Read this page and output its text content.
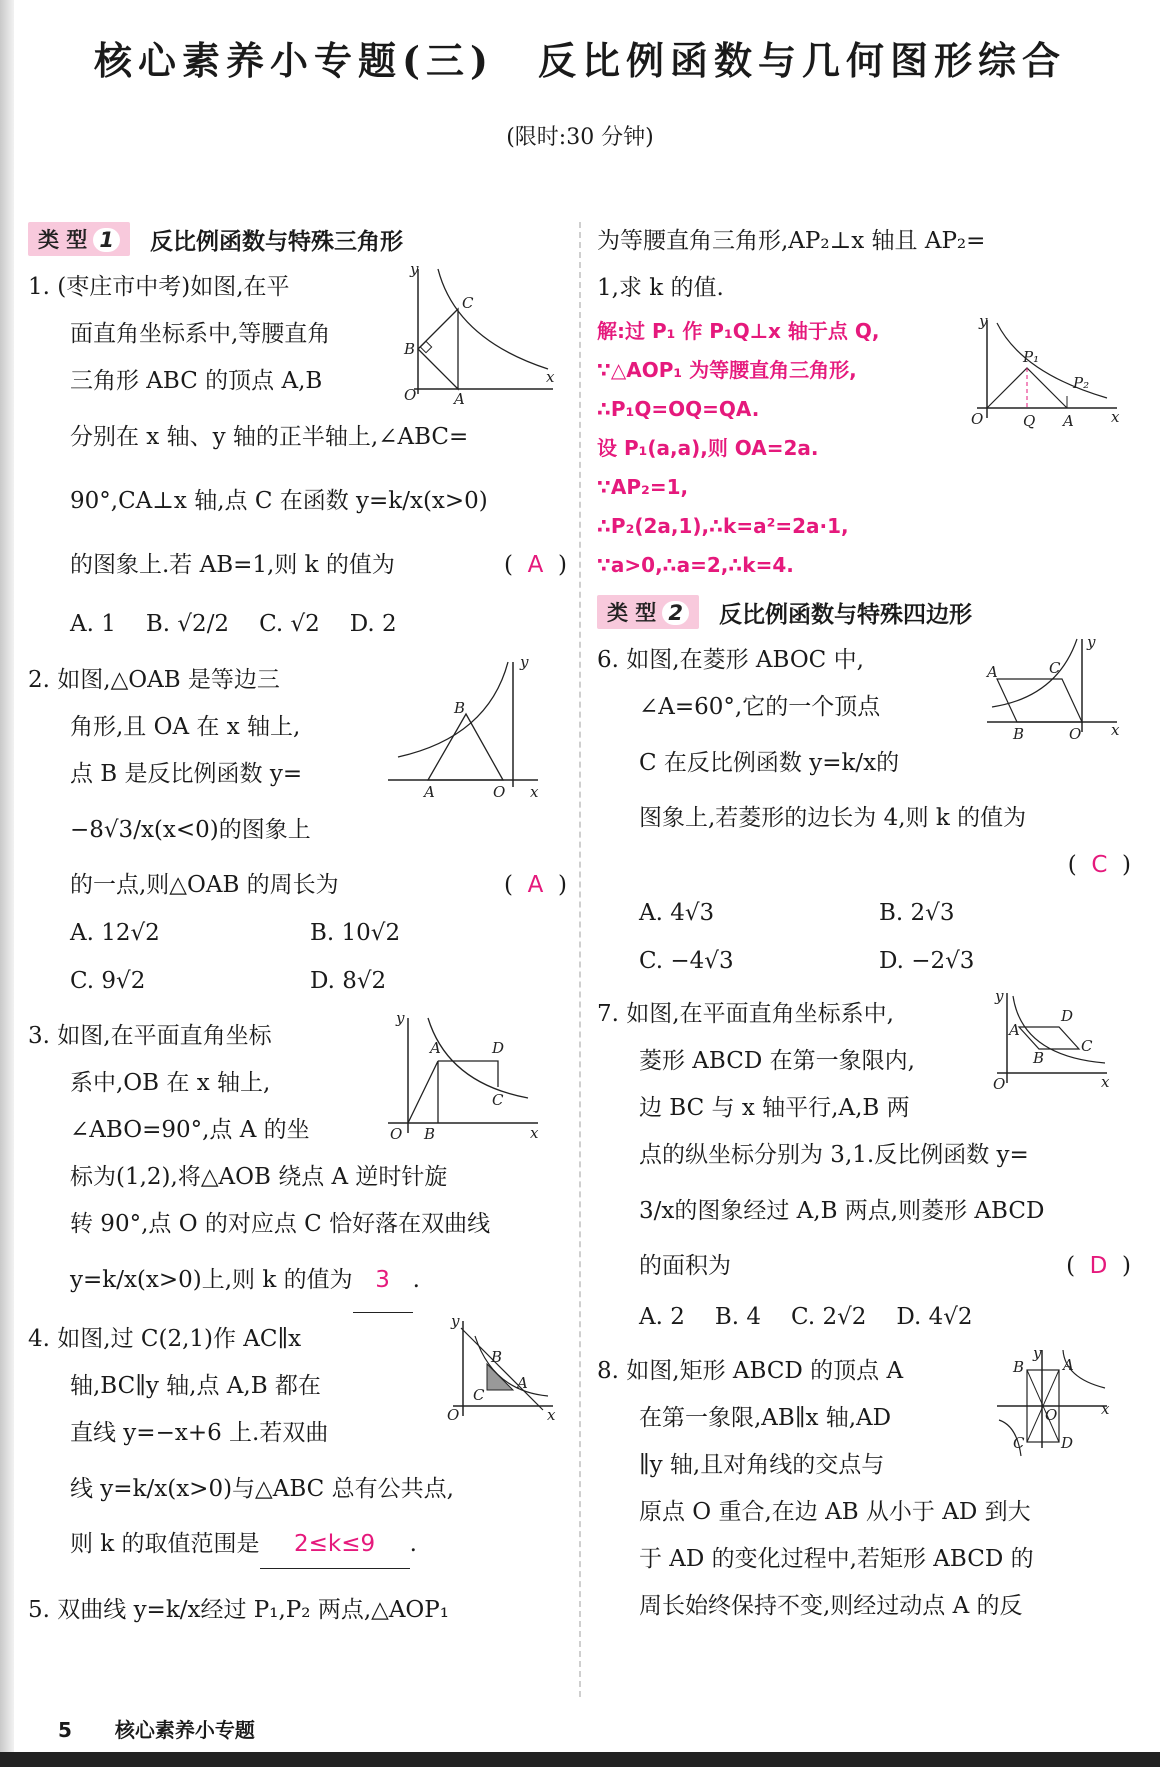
核心素养小专题(三)　反比例函数与几何图形综合
(限时:30 分钟)
类 型 1	反比例函数与特殊三角形
y
x
O
B
A
C
1. (枣庄市中考)如图,在平
面直角坐标系中,等腰直角
三角形 ABC 的顶点 A,B
分别在 x 轴、y 轴的正半轴上,∠ABC=
90°,CA⊥x 轴,点 C 在函数 y=k/x(x>0)
的图象上.若 AB=1,则 k 的值为	( A )
A. 1 B. √2/2 C. √2 D. 2
y
x
O
B
A
2. 如图,△OAB 是等边三
角形,且 OA 在 x 轴上,
点 B 是反比例函数 y=
−8√3/x(x<0)的图象上
的一点,则△OAB 的周长为	( A )
A. 12√2	B. 10√2
C. 9√2	D. 8√2
y
x
O B
A	D
C
3. 如图,在平面直角坐标
系中,OB 在 x 轴上,
∠ABO=90°,点 A 的坐
标为(1,2),将△AOB 绕点 A 逆时针旋
转 90°,点 O 的对应点 C 恰好落在双曲线
y=k/x(x>0)上,则 k 的值为 3 .
y
x
O
B
C
A
4. 如图,过 C(2,1)作 AC∥x
轴,BC∥y 轴,点 A,B 都在
直线 y=−x+6 上.若双曲
线 y=k/x(x>0)与△ABC 总有公共点,
则 k 的取值范围是 2≤k≤9 .
5. 双曲线 y=k/x经过 P₁,P₂ 两点,△AOP₁
为等腰直角三角形,AP₂⊥x 轴且 AP₂=
1,求 k 的值.
y
x
O
P₁
P₂
Q A
解:过 P₁ 作 P₁Q⊥x 轴于点 Q,
∵△AOP₁ 为等腰直角三角形,
∴P₁Q=OQ=QA.
设 P₁(a,a),则 OA=2a.
∵AP₂=1,
∴P₂(2a,1),∴k=a²=2a·1,
∵a>0,∴a=2,∴k=4.
类 型 2	反比例函数与特殊四边形
y
x
O
A	C
B
6. 如图,在菱形 ABOC 中,
∠A=60°,它的一个顶点
C 在反比例函数 y=k/x的
图象上,若菱形的边长为 4,则 k 的值为
( C )
A. 4√3	B. 2√3
C. −4√3	D. −2√3
y
x
O
A
D
C
B
7. 如图,在平面直角坐标系中,
菱形 ABCD 在第一象限内,
边 BC 与 x 轴平行,A,B 两
点的纵坐标分别为 3,1.反比例函数 y=
3/x的图象经过 A,B 两点,则菱形 ABCD
的面积为	( D )
A. 2 B. 4 C. 2√2 D. 4√2
y
x
O
B	A
C D
8. 如图,矩形 ABCD 的顶点 A
在第一象限,AB∥x 轴,AD
∥y 轴,且对角线的交点与
原点 O 重合,在边 AB 从小于 AD 到大
于 AD 的变化过程中,若矩形 ABCD 的
周长始终保持不变,则经过动点 A 的反
5 核心素养小专题
